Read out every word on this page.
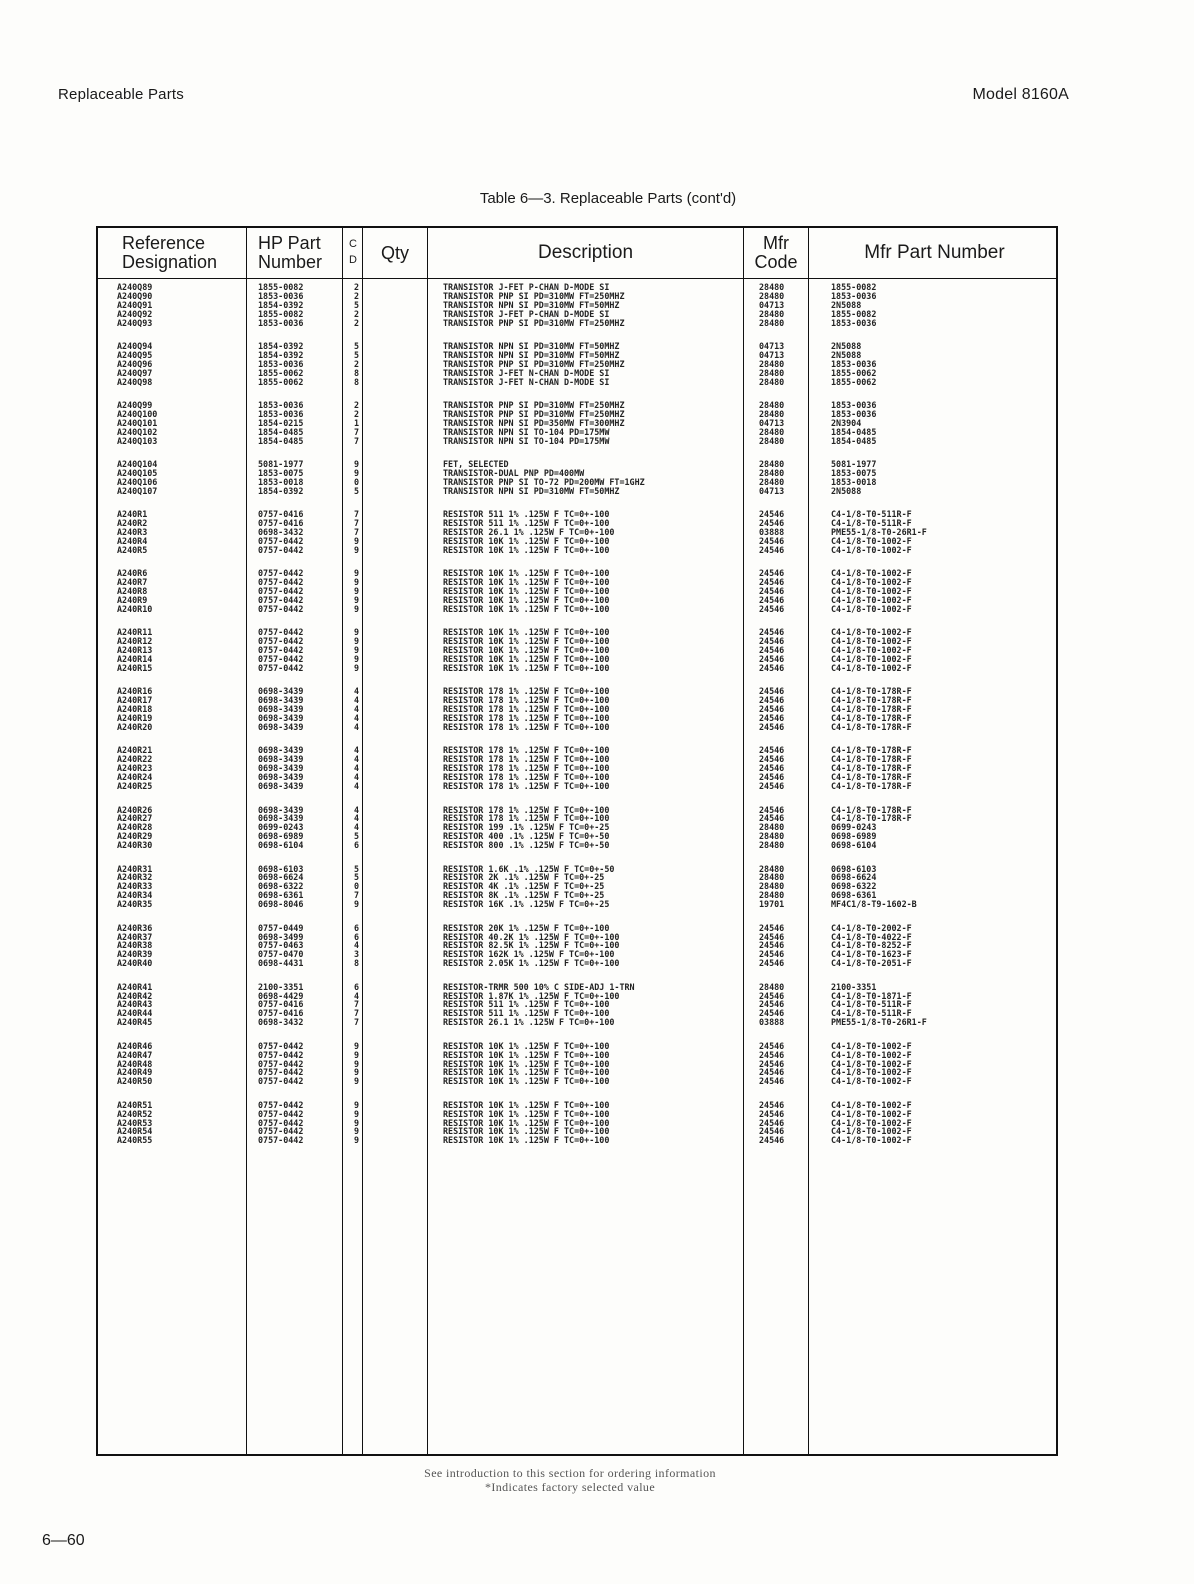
Replaceable Parts	Model 8160A
Table 6—3. Replaceable Parts (cont'd)
Reference
Designation
HP Part
Number
C
D	Qty	Description	Mfr
Code	Mfr Part Number
A240Q89	1855-0082	2	TRANSISTOR J-FET P-CHAN D-MODE SI	28480	1855-0082
A240Q90	1853-0036	2	TRANSISTOR PNP SI PD=310MW FT=250MHZ	28480	1853-0036
A240Q91	1854-0392	5	TRANSISTOR NPN SI PD=310MW FT=50MHZ	04713	2N5088
A240Q92	1855-0082	2	TRANSISTOR J-FET P-CHAN D-MODE SI	28480	1855-0082
A240Q93	1853-0036	2	TRANSISTOR PNP SI PD=310MW FT=250MHZ	28480	1853-0036
A240Q94	1854-0392	5	TRANSISTOR NPN SI PD=310MW FT=50MHZ	04713	2N5088
A240Q95	1854-0392	5	TRANSISTOR NPN SI PD=310MW FT=50MHZ	04713	2N5088
A240Q96	1853-0036	2	TRANSISTOR PNP SI PD=310MW FT=250MHZ	28480	1853-0036
A240Q97	1855-0062	8	TRANSISTOR J-FET N-CHAN D-MODE SI	28480	1855-0062
A240Q98	1855-0062	8	TRANSISTOR J-FET N-CHAN D-MODE SI	28480	1855-0062
A240Q99	1853-0036	2	TRANSISTOR PNP SI PD=310MW FT=250MHZ	28480	1853-0036
A240Q100	1853-0036	2	TRANSISTOR PNP SI PD=310MW FT=250MHZ	28480	1853-0036
A240Q101	1854-0215	1	TRANSISTOR NPN SI PD=350MW FT=300MHZ	04713	2N3904
A240Q102	1854-0485	7	TRANSISTOR NPN SI TO-104 PD=175MW	28480	1854-0485
A240Q103	1854-0485	7	TRANSISTOR NPN SI TO-104 PD=175MW	28480	1854-0485
A240Q104	5081-1977	9	FET, SELECTED	28480	5081-1977
A240Q105	1853-0075	9	TRANSISTOR-DUAL PNP PD=400MW	28480	1853-0075
A240Q106	1853-0018	0	TRANSISTOR PNP SI TO-72 PD=200MW FT=1GHZ	28480	1853-0018
A240Q107	1854-0392	5	TRANSISTOR NPN SI PD=310MW FT=50MHZ	04713	2N5088
A240R1	0757-0416	7	RESISTOR 511 1% .125W F TC=0+-100	24546	C4-1/8-T0-511R-F
A240R2	0757-0416	7	RESISTOR 511 1% .125W F TC=0+-100	24546	C4-1/8-T0-511R-F
A240R3	0698-3432	7	RESISTOR 26.1 1% .125W F TC=0+-100	03888	PME55-1/8-T0-26R1-F
A240R4	0757-0442	9	RESISTOR 10K 1% .125W F TC=0+-100	24546	C4-1/8-T0-1002-F
A240R5	0757-0442	9	RESISTOR 10K 1% .125W F TC=0+-100	24546	C4-1/8-T0-1002-F
A240R6	0757-0442	9	RESISTOR 10K 1% .125W F TC=0+-100	24546	C4-1/8-T0-1002-F
A240R7	0757-0442	9	RESISTOR 10K 1% .125W F TC=0+-100	24546	C4-1/8-T0-1002-F
A240R8	0757-0442	9	RESISTOR 10K 1% .125W F TC=0+-100	24546	C4-1/8-T0-1002-F
A240R9	0757-0442	9	RESISTOR 10K 1% .125W F TC=0+-100	24546	C4-1/8-T0-1002-F
A240R10	0757-0442	9	RESISTOR 10K 1% .125W F TC=0+-100	24546	C4-1/8-T0-1002-F
A240R11	0757-0442	9	RESISTOR 10K 1% .125W F TC=0+-100	24546	C4-1/8-T0-1002-F
A240R12	0757-0442	9	RESISTOR 10K 1% .125W F TC=0+-100	24546	C4-1/8-T0-1002-F
A240R13	0757-0442	9	RESISTOR 10K 1% .125W F TC=0+-100	24546	C4-1/8-T0-1002-F
A240R14	0757-0442	9	RESISTOR 10K 1% .125W F TC=0+-100	24546	C4-1/8-T0-1002-F
A240R15	0757-0442	9	RESISTOR 10K 1% .125W F TC=0+-100	24546	C4-1/8-T0-1002-F
A240R16	0698-3439	4	RESISTOR 178 1% .125W F TC=0+-100	24546	C4-1/8-T0-178R-F
A240R17	0698-3439	4	RESISTOR 178 1% .125W F TC=0+-100	24546	C4-1/8-T0-178R-F
A240R18	0698-3439	4	RESISTOR 178 1% .125W F TC=0+-100	24546	C4-1/8-T0-178R-F
A240R19	0698-3439	4	RESISTOR 178 1% .125W F TC=0+-100	24546	C4-1/8-T0-178R-F
A240R20	0698-3439	4	RESISTOR 178 1% .125W F TC=0+-100	24546	C4-1/8-T0-178R-F
A240R21	0698-3439	4	RESISTOR 178 1% .125W F TC=0+-100	24546	C4-1/8-T0-178R-F
A240R22	0698-3439	4	RESISTOR 178 1% .125W F TC=0+-100	24546	C4-1/8-T0-178R-F
A240R23	0698-3439	4	RESISTOR 178 1% .125W F TC=0+-100	24546	C4-1/8-T0-178R-F
A240R24	0698-3439	4	RESISTOR 178 1% .125W F TC=0+-100	24546	C4-1/8-T0-178R-F
A240R25	0698-3439	4	RESISTOR 178 1% .125W F TC=0+-100	24546	C4-1/8-T0-178R-F
A240R26	0698-3439	4	RESISTOR 178 1% .125W F TC=0+-100	24546	C4-1/8-T0-178R-F
A240R27	0698-3439	4	RESISTOR 178 1% .125W F TC=0+-100	24546	C4-1/8-T0-178R-F
A240R28	0699-0243	4	RESISTOR 199 .1% .125W F TC=0+-25	28480	0699-0243
A240R29	0698-6989	5	RESISTOR 400 .1% .125W F TC=0+-50	28480	0698-6989
A240R30	0698-6104	6	RESISTOR 800 .1% .125W F TC=0+-50	28480	0698-6104
A240R31	0698-6103	5	RESISTOR 1.6K .1% .125W F TC=0+-50	28480	0698-6103
A240R32	0698-6624	5	RESISTOR 2K .1% .125W F TC=0+-25	28480	0698-6624
A240R33	0698-6322	0	RESISTOR 4K .1% .125W F TC=0+-25	28480	0698-6322
A240R34	0698-6361	7	RESISTOR 8K .1% .125W F TC=0+-25	28480	0698-6361
A240R35	0698-8046	9	RESISTOR 16K .1% .125W F TC=0+-25	19701	MF4C1/8-T9-1602-B
A240R36	0757-0449	6	RESISTOR 20K 1% .125W F TC=0+-100	24546	C4-1/8-T0-2002-F
A240R37	0698-3499	6	RESISTOR 40.2K 1% .125W F TC=0+-100	24546	C4-1/8-T0-4022-F
A240R38	0757-0463	4	RESISTOR 82.5K 1% .125W F TC=0+-100	24546	C4-1/8-T0-8252-F
A240R39	0757-0470	3	RESISTOR 162K 1% .125W F TC=0+-100	24546	C4-1/8-T0-1623-F
A240R40	0698-4431	8	RESISTOR 2.05K 1% .125W F TC=0+-100	24546	C4-1/8-T0-2051-F
A240R41	2100-3351	6	RESISTOR-TRMR 500 10% C SIDE-ADJ 1-TRN	28480	2100-3351
A240R42	0698-4429	4	RESISTOR 1.87K 1% .125W F TC=0+-100	24546	C4-1/8-T0-1871-F
A240R43	0757-0416	7	RESISTOR 511 1% .125W F TC=0+-100	24546	C4-1/8-T0-511R-F
A240R44	0757-0416	7	RESISTOR 511 1% .125W F TC=0+-100	24546	C4-1/8-T0-511R-F
A240R45	0698-3432	7	RESISTOR 26.1 1% .125W F TC=0+-100	03888	PME55-1/8-T0-26R1-F
A240R46	0757-0442	9	RESISTOR 10K 1% .125W F TC=0+-100	24546	C4-1/8-T0-1002-F
A240R47	0757-0442	9	RESISTOR 10K 1% .125W F TC=0+-100	24546	C4-1/8-T0-1002-F
A240R48	0757-0442	9	RESISTOR 10K 1% .125W F TC=0+-100	24546	C4-1/8-T0-1002-F
A240R49	0757-0442	9	RESISTOR 10K 1% .125W F TC=0+-100	24546	C4-1/8-T0-1002-F
A240R50	0757-0442	9	RESISTOR 10K 1% .125W F TC=0+-100	24546	C4-1/8-T0-1002-F
A240R51	0757-0442	9	RESISTOR 10K 1% .125W F TC=0+-100	24546	C4-1/8-T0-1002-F
A240R52	0757-0442	9	RESISTOR 10K 1% .125W F TC=0+-100	24546	C4-1/8-T0-1002-F
A240R53	0757-0442	9	RESISTOR 10K 1% .125W F TC=0+-100	24546	C4-1/8-T0-1002-F
A240R54	0757-0442	9	RESISTOR 10K 1% .125W F TC=0+-100	24546	C4-1/8-T0-1002-F
A240R55	0757-0442	9	RESISTOR 10K 1% .125W F TC=0+-100	24546	C4-1/8-T0-1002-F
See introduction to this section for ordering information
*Indicates factory selected value
6—60
